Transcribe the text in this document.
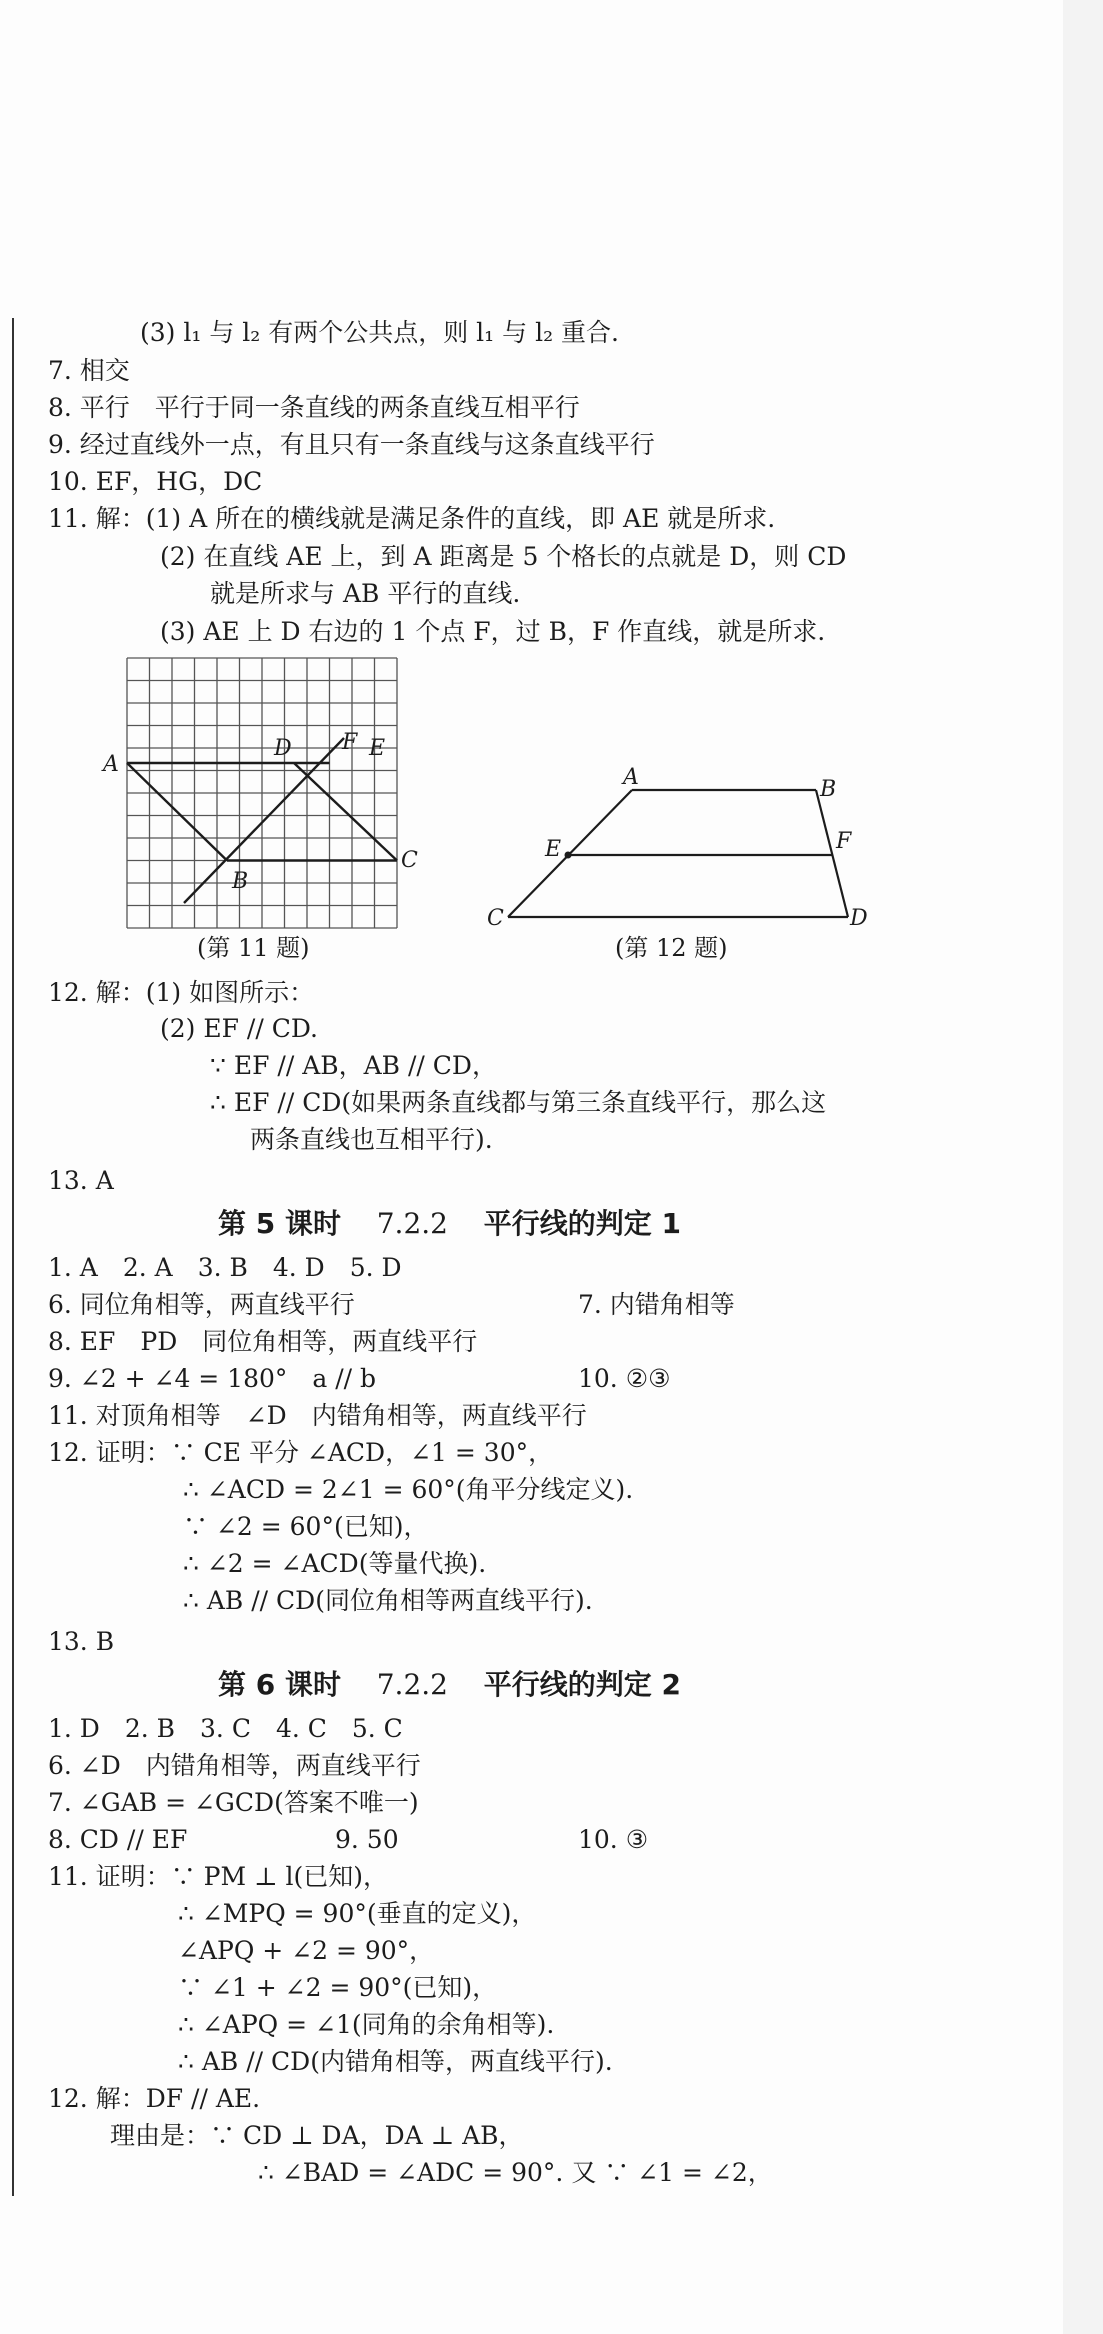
(3) l₁ 与 l₂ 有两个公共点，则 l₁ 与 l₂ 重合.
7. 相交
8. 平行　平行于同一条直线的两条直线互相平行
9. 经过直线外一点，有且只有一条直线与这条直线平行
10. EF，HG，DC
11. 解：(1) A 所在的横线就是满足条件的直线，即 AE 就是所求.
(2) 在直线 AE 上，到 A 距离是 5 个格长的点就是 D，则 CD
就是所求与 AB 平行的直线.
(3) AE 上 D 右边的 1 个点 F，过 B，F 作直线，就是所求.
A
D F E
B
C
(第 11 题)
A	B
E	F
C	D
(第 12 题)
12. 解：(1) 如图所示：
(2) EF // CD.
∵ EF // AB，AB // CD，
∴ EF // CD(如果两条直线都与第三条直线平行，那么这
两条直线也互相平行).
13. A
第 5 课时 7.2.2 平行线的判定 1
1. A　2. A　3. B　4. D　5. D
6. 同位角相等，两直线平行	7. 内错角相等
8. EF　PD　同位角相等，两直线平行
9. ∠2 + ∠4 = 180°　a // b	10. ②③
11. 对顶角相等　∠D　内错角相等，两直线平行
12. 证明：∵ CE 平分 ∠ACD，∠1 = 30°，
∴ ∠ACD = 2∠1 = 60°(角平分线定义).
∵ ∠2 = 60°(已知)，
∴ ∠2 = ∠ACD(等量代换).
∴ AB // CD(同位角相等两直线平行).
13. B
第 6 课时 7.2.2 平行线的判定 2
1. D　2. B　3. C　4. C　5. C
6. ∠D　内错角相等，两直线平行
7. ∠GAB = ∠GCD(答案不唯一)
8. CD // EF	9. 50	10. ③
11. 证明：∵ PM ⊥ l(已知)，
∴ ∠MPQ = 90°(垂直的定义)，
∠APQ + ∠2 = 90°，
∵ ∠1 + ∠2 = 90°(已知)，
∴ ∠APQ = ∠1(同角的余角相等).
∴ AB // CD(内错角相等，两直线平行).
12. 解：DF // AE.
理由是：∵ CD ⊥ DA，DA ⊥ AB，
∴ ∠BAD = ∠ADC = 90°. 又 ∵ ∠1 = ∠2，
